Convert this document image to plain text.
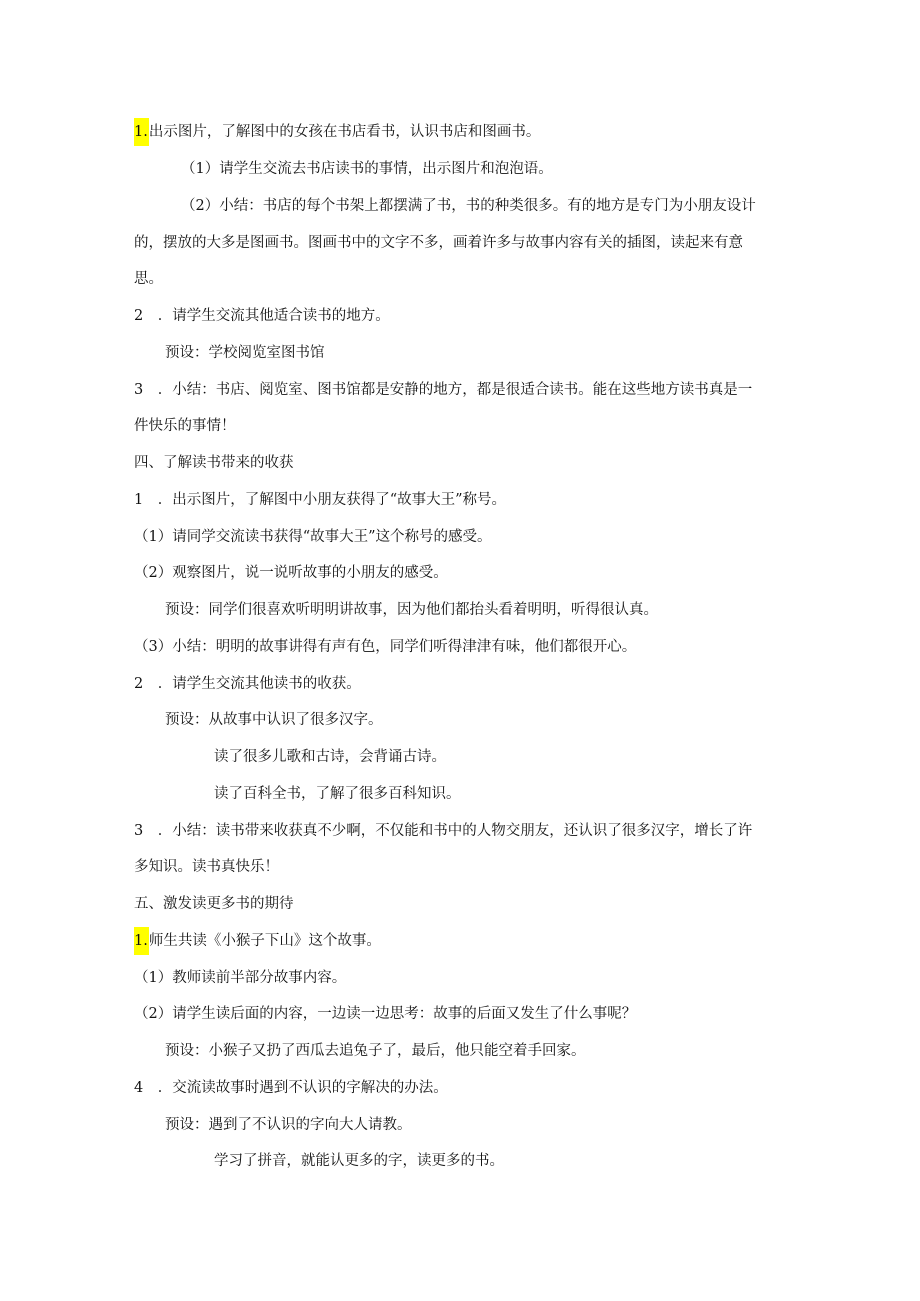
1.出示图片，了解图中的女孩在书店看书，认识书店和图画书。
（1）请学生交流去书店读书的事情，出示图片和泡泡语。
（2）小结：书店的每个书架上都摆满了书，书的种类很多。有的地方是专门为小朋友设计
的，摆放的大多是图画书。图画书中的文字不多，画着许多与故事内容有关的插图，读起来有意
思。
2　．请学生交流其他适合读书的地方。
预设：学校阅览室图书馆
3　．小结：书店、阅览室、图书馆都是安静的地方，都是很适合读书。能在这些地方读书真是一
件快乐的事情！
四、了解读书带来的收获
1　．出示图片，了解图中小朋友获得了“故事大王”称号。
（1）请同学交流读书获得“故事大王”这个称号的感受。
（2）观察图片，说一说听故事的小朋友的感受。
预设：同学们很喜欢听明明讲故事，因为他们都抬头看着明明，听得很认真。
（3）小结：明明的故事讲得有声有色，同学们听得津津有味，他们都很开心。
2　．请学生交流其他读书的收获。
预设：从故事中认识了很多汉字。
读了很多儿歌和古诗，会背诵古诗。
读了百科全书，了解了很多百科知识。
3　．小结：读书带来收获真不少啊，不仅能和书中的人物交朋友，还认识了很多汉字，增长了许
多知识。读书真快乐！
五、激发读更多书的期待
1.师生共读《小猴子下山》这个故事。
（1）教师读前半部分故事内容。
（2）请学生读后面的内容，一边读一边思考：故事的后面又发生了什么事呢？
预设：小猴子又扔了西瓜去追兔子了，最后，他只能空着手回家。
4　．交流读故事时遇到不认识的字解决的办法。
预设：遇到了不认识的字向大人请教。
学习了拼音，就能认更多的字，读更多的书。
